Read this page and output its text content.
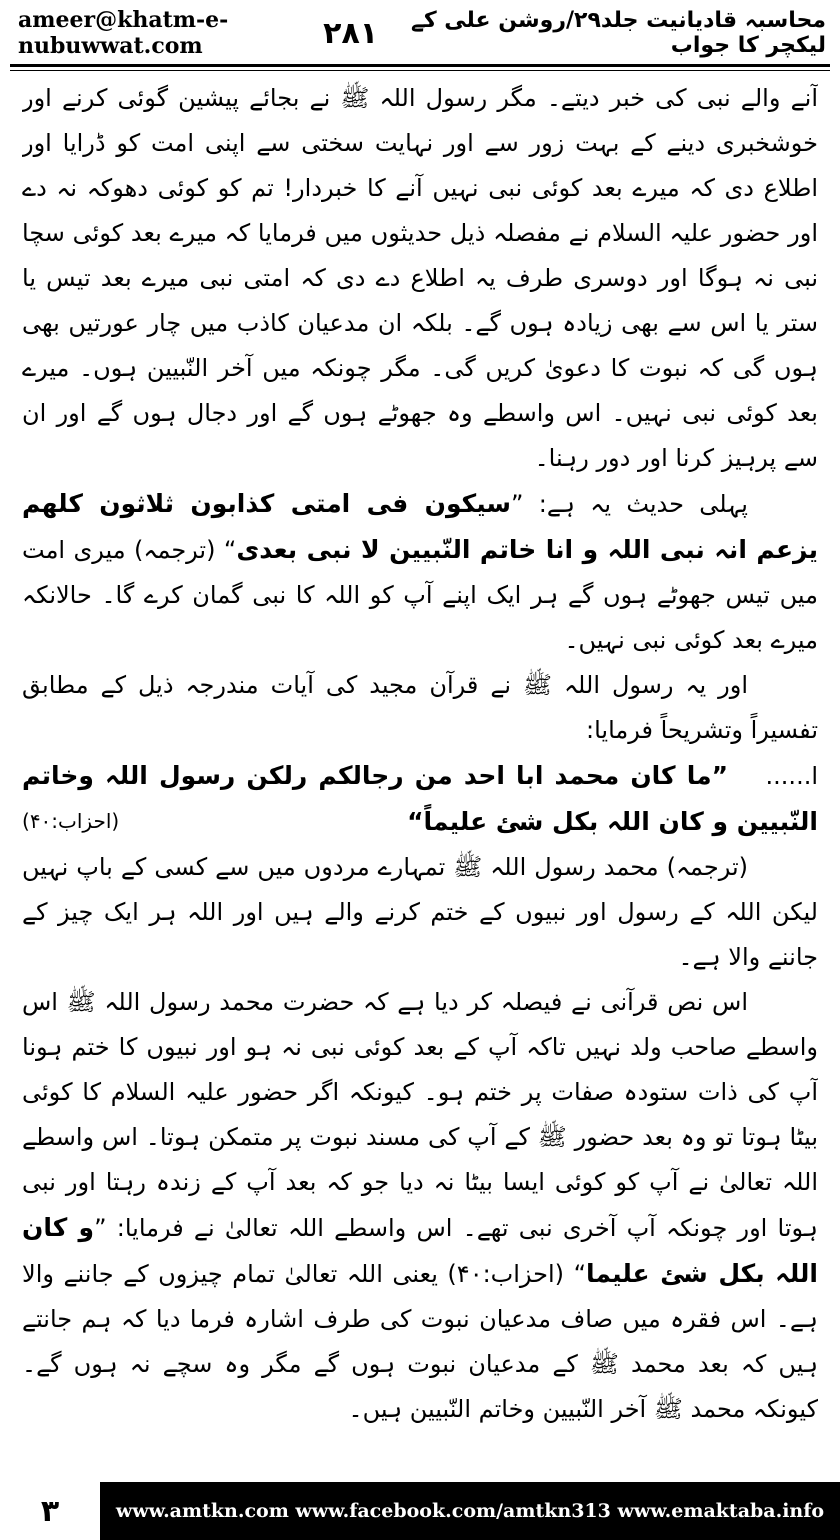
ameer@khatm-e-nubuwwat.com
محاسبہ قادیانیت جلد۲۹/روشن علی کے لیکچر کا جواب
۲۸۱

آنے والے نبی کی خبر دیتے۔ مگر رسول اللہ ﷺ نے بجائے پیشین گوئی کرنے اور خوشخبری دینے کے بہت زور سے اور نہایت سختی سے اپنی امت کو ڈرایا اور اطلاع دی کہ میرے بعد کوئی نبی نہیں آنے کا خبردار! تم کو کوئی دھوکہ نہ دے اور حضور علیہ السلام نے مفصلہ ذیل حدیثوں میں فرمایا کہ میرے بعد کوئی سچا نبی نہ ہوگا اور دوسری طرف یہ اطلاع دے دی کہ امتی نبی میرے بعد تیس یا ستر یا اس سے بھی زیادہ ہوں گے۔ بلکہ ان مدعیان کاذب میں چار عورتیں بھی ہوں گی کہ نبوت کا دعویٰ کریں گی۔ مگر چونکہ میں آخر النّبیین ہوں۔ میرے بعد کوئی نبی نہیں۔ اس واسطے وہ جھوٹے ہوں گے اور دجال ہوں گے اور ان سے پرہیز کرنا اور دور رہنا۔

پہلی حدیث یہ ہے: ”سیکون فی امتی کذابون ثلاثون کلهم یزعم انہ نبی اللہ و انا خاتم النّبیین لا نبی بعدی“ (ترجمہ) میری امت میں تیس جھوٹے ہوں گے ہر ایک اپنے آپ کو اللہ کا نبی گمان کرے گا۔ حالانکہ میرے بعد کوئی نبی نہیں۔

اور یہ رسول اللہ ﷺ نے قرآن مجید کی آیات مندرجہ ذیل کے مطابق تفسیراً وتشریحاً فرمایا:

ا......”ما کان محمد ابا احد من رجالکم رلکن رسول اللہ وخاتم النّبیین و کان اللہ بکل شئ علیماً“
(احزاب:۴۰)

(ترجمہ) محمد رسول اللہ ﷺ تمہارے مردوں میں سے کسی کے باپ نہیں لیکن اللہ کے رسول اور نبیوں کے ختم کرنے والے ہیں اور اللہ ہر ایک چیز کے جاننے والا ہے۔

اس نص قرآنی نے فیصلہ کر دیا ہے کہ حضرت محمد رسول اللہ ﷺ اس واسطے صاحب ولد نہیں تاکہ آپ کے بعد کوئی نبی نہ ہو اور نبیوں کا ختم ہونا آپ کی ذات ستودہ صفات پر ختم ہو۔ کیونکہ اگر حضور علیہ السلام کا کوئی بیٹا ہوتا تو وہ بعد حضور ﷺ کے آپ کی مسند نبوت پر متمکن ہوتا۔ اس واسطے اللہ تعالیٰ نے آپ کو کوئی ایسا بیٹا نہ دیا جو کہ بعد آپ کے زندہ رہتا اور نبی ہوتا اور چونکہ آپ آخری نبی تھے۔ اس واسطے اللہ تعالیٰ نے فرمایا: ”و کان اللہ بکل شئ علیما“ (احزاب:۴۰) یعنی اللہ تعالیٰ تمام چیزوں کے جاننے والا ہے۔ اس فقرہ میں صاف مدعیان نبوت کی طرف اشارہ فرما دیا کہ ہم جانتے ہیں کہ بعد محمد ﷺ کے مدعیان نبوت ہوں گے مگر وہ سچے نہ ہوں گے۔ کیونکہ محمد ﷺ آخر النّبیین وخاتم النّبیین ہیں۔

۳	www.amtkn.com www.facebook.com/amtkn313 www.emaktaba.info
